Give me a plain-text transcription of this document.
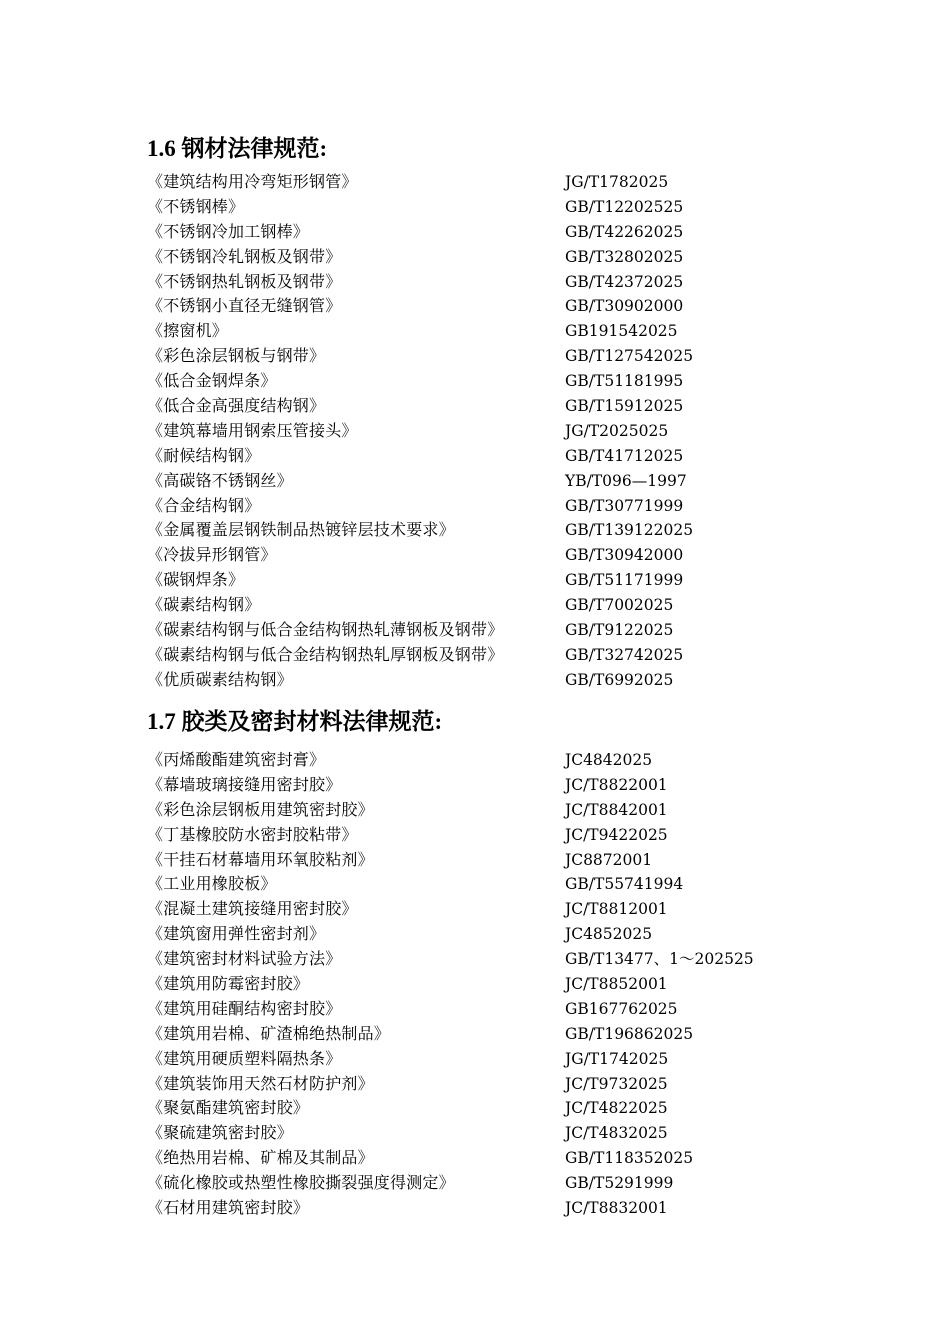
1.6 钢材法律规范:
《建筑结构用冷弯矩形钢管》	JG/T1782025
《不锈钢棒》	GB/T12202525
《不锈钢冷加工钢棒》	GB/T42262025
《不锈钢冷轧钢板及钢带》	GB/T32802025
《不锈钢热轧钢板及钢带》	GB/T42372025
《不锈钢小直径无缝钢管》	GB/T30902000
《擦窗机》	GB191542025
《彩色涂层钢板与钢带》	GB/T127542025
《低合金钢焊条》	GB/T51181995
《低合金高强度结构钢》	GB/T15912025
《建筑幕墙用钢索压管接头》	JG/T2025025
《耐候结构钢》	GB/T41712025
《高碳铬不锈钢丝》	YB/T096—1997
《合金结构钢》	GB/T30771999
《金属覆盖层钢铁制品热镀锌层技术要求》	GB/T139122025
《冷拔异形钢管》	GB/T30942000
《碳钢焊条》	GB/T51171999
《碳素结构钢》	GB/T7002025
《碳素结构钢与低合金结构钢热轧薄钢板及钢带》	GB/T9122025
《碳素结构钢与低合金结构钢热轧厚钢板及钢带》	GB/T32742025
《优质碳素结构钢》	GB/T6992025
1.7 胶类及密封材料法律规范:
《丙烯酸酯建筑密封膏》	JC4842025
《幕墙玻璃接缝用密封胶》	JC/T8822001
《彩色涂层钢板用建筑密封胶》	JC/T8842001
《丁基橡胶防水密封胶粘带》	JC/T9422025
《干挂石材幕墙用环氧胶粘剂》	JC8872001
《工业用橡胶板》	GB/T55741994
《混凝土建筑接缝用密封胶》	JC/T8812001
《建筑窗用弹性密封剂》	JC4852025
《建筑密封材料试验方法》	GB/T13477、1～202525
《建筑用防霉密封胶》	JC/T8852001
《建筑用硅酮结构密封胶》	GB167762025
《建筑用岩棉、矿渣棉绝热制品》	GB/T196862025
《建筑用硬质塑料隔热条》	JG/T1742025
《建筑装饰用天然石材防护剂》	JC/T9732025
《聚氨酯建筑密封胶》	JC/T4822025
《聚硫建筑密封胶》	JC/T4832025
《绝热用岩棉、矿棉及其制品》	GB/T118352025
《硫化橡胶或热塑性橡胶撕裂强度得测定》	GB/T5291999
《石材用建筑密封胶》	JC/T8832001
